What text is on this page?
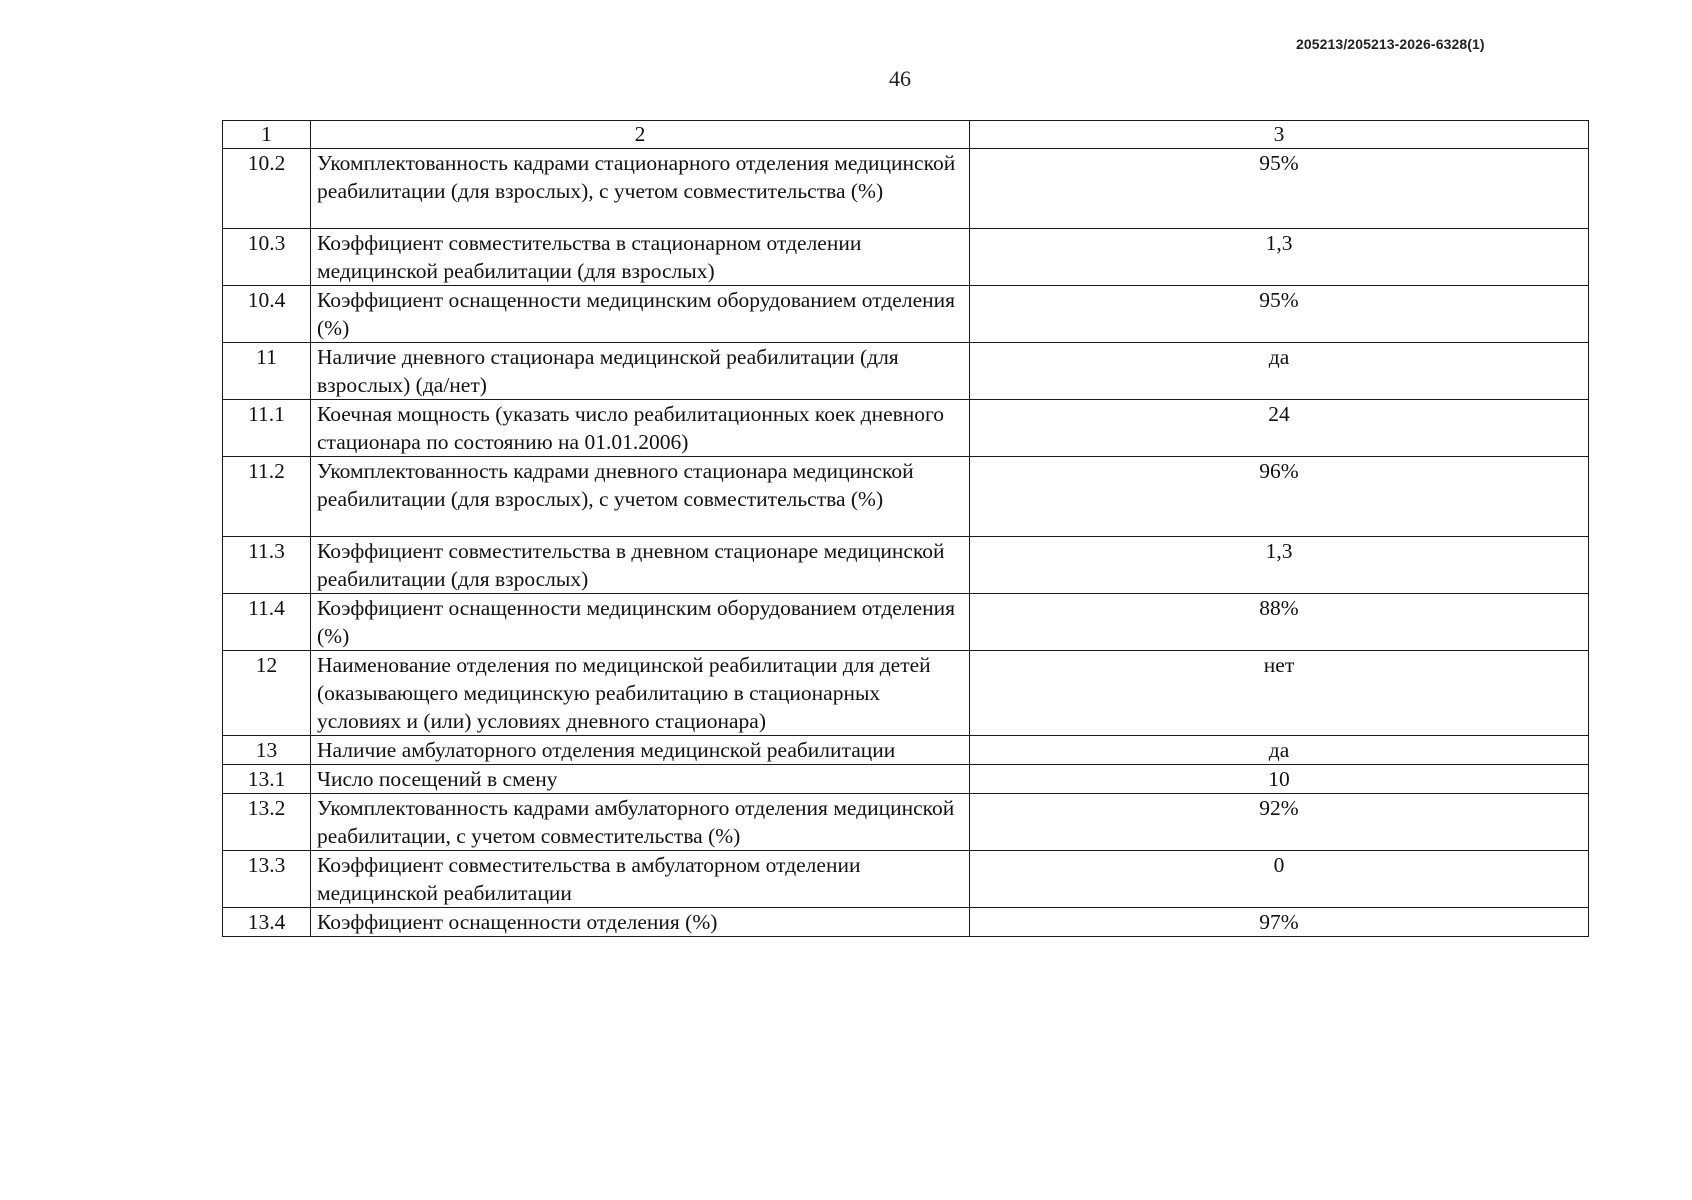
205213/205213-2026-6328(1)
46
1	2	3
10.2	Укомплектованность кадрами стационарного отделения медицинской реабилитации (для взрослых), с учетом совместительства (%)	95%
10.3	Коэффициент совместительства в стационарном отделении медицинской реабилитации (для взрослых)	1,3
10.4	Коэффициент оснащенности медицинским оборудованием отделения (%)	95%
11	Наличие дневного стационара медицинской реабилитации (для взрослых) (да/нет)	да
11.1	Коечная мощность (указать число реабилитационных коек дневного стационара по состоянию на 01.01.2006)	24
11.2	Укомплектованность кадрами дневного стационара медицинской реабилитации (для взрослых), с учетом совместительства (%)	96%
11.3	Коэффициент совместительства в дневном стационаре медицинской реабилитации (для взрослых)	1,3
11.4	Коэффициент оснащенности медицинским оборудованием отделения (%)	88%
12	Наименование отделения по медицинской реабилитации для детей (оказывающего медицинскую реабилитацию в стационарных условиях и (или) условиях дневного стационара)	нет
13	Наличие амбулаторного отделения медицинской реабилитации	да
13.1	Число посещений в смену	10
13.2	Укомплектованность кадрами амбулаторного отделения медицинской реабилитации, с учетом совместительства (%)	92%
13.3	Коэффициент совместительства в амбулаторном отделении медицинской реабилитации	0
13.4	Коэффициент оснащенности отделения (%)	97%
